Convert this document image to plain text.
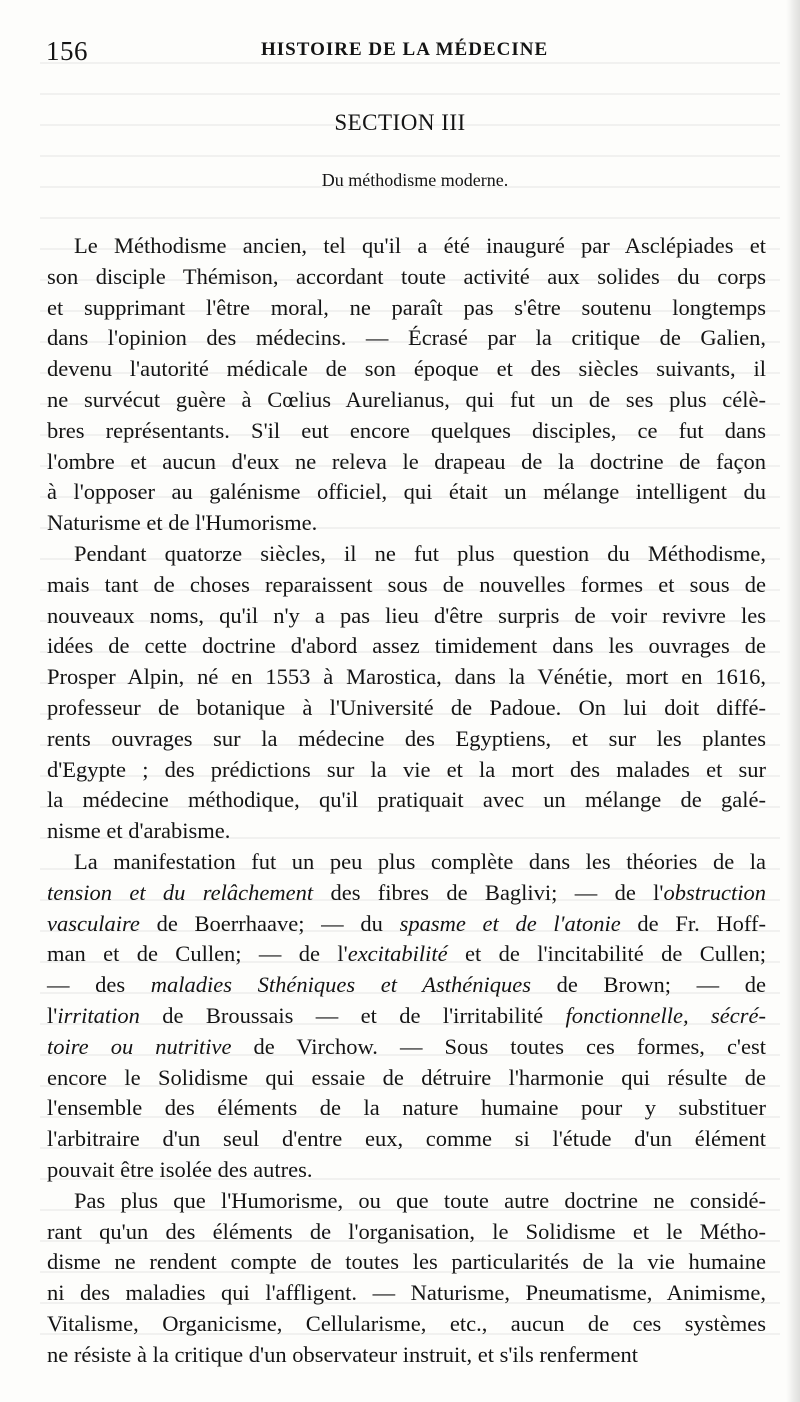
156	HISTOIRE DE LA MÉDECINE
SECTION III
Du méthodisme moderne.
Le Méthodisme ancien, tel qu'il a été inauguré par Asclépiades et
son disciple Thémison, accordant toute activité aux solides du corps
et supprimant l'être moral, ne paraît pas s'être soutenu longtemps
dans l'opinion des médecins. — Écrasé par la critique de Galien,
devenu l'autorité médicale de son époque et des siècles suivants, il
ne survécut guère à Cœlius Aurelianus, qui fut un de ses plus célè-
bres représentants. S'il eut encore quelques disciples, ce fut dans
l'ombre et aucun d'eux ne releva le drapeau de la doctrine de façon
à l'opposer au galénisme officiel, qui était un mélange intelligent du
Naturisme et de l'Humorisme.
Pendant quatorze siècles, il ne fut plus question du Méthodisme,
mais tant de choses reparaissent sous de nouvelles formes et sous de
nouveaux noms, qu'il n'y a pas lieu d'être surpris de voir revivre les
idées de cette doctrine d'abord assez timidement dans les ouvrages de
Prosper Alpin, né en 1553 à Marostica, dans la Vénétie, mort en 1616,
professeur de botanique à l'Université de Padoue. On lui doit diffé-
rents ouvrages sur la médecine des Egyptiens, et sur les plantes
d'Egypte ; des prédictions sur la vie et la mort des malades et sur
la médecine méthodique, qu'il pratiquait avec un mélange de galé-
nisme et d'arabisme.
La manifestation fut un peu plus complète dans les théories de la
tension et du relâchement des fibres de Baglivi; — de l'obstruction
vasculaire de Boerrhaave; — du spasme et de l'atonie de Fr. Hoff-
man et de Cullen; — de l'excitabilité et de l'incitabilité de Cullen;
— des maladies Sthéniques et Asthéniques de Brown; — de
l'irritation de Broussais — et de l'irritabilité fonctionnelle, sécré-
toire ou nutritive de Virchow. — Sous toutes ces formes, c'est
encore le Solidisme qui essaie de détruire l'harmonie qui résulte de
l'ensemble des éléments de la nature humaine pour y substituer
l'arbitraire d'un seul d'entre eux, comme si l'étude d'un élément
pouvait être isolée des autres.
Pas plus que l'Humorisme, ou que toute autre doctrine ne considé-
rant qu'un des éléments de l'organisation, le Solidisme et le Métho-
disme ne rendent compte de toutes les particularités de la vie humaine
ni des maladies qui l'affligent. — Naturisme, Pneumatisme, Animisme,
Vitalisme, Organicisme, Cellularisme, etc., aucun de ces systèmes
ne résiste à la critique d'un observateur instruit, et s'ils renferment
